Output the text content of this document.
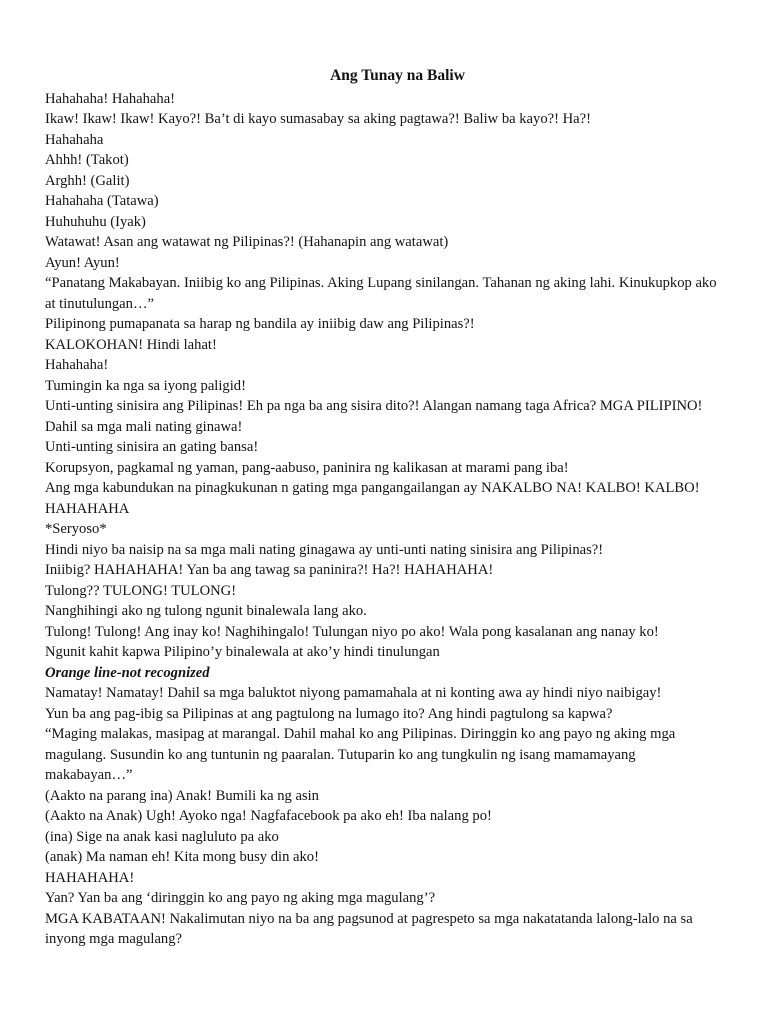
Ang Tunay na Baliw

Hahahaha! Hahahaha!

Ikaw! Ikaw! Ikaw! Kayo?! Ba’t di kayo sumasabay sa aking pagtawa?! Baliw ba kayo?! Ha?!

Hahahaha

Ahhh! (Takot)

Arghh! (Galit)

Hahahaha (Tatawa)

Huhuhuhu (Iyak)

Watawat! Asan ang watawat ng Pilipinas?! (Hahanapin ang watawat)

Ayun! Ayun!

“Panatang Makabayan. Iniibig ko ang Pilipinas. Aking Lupang sinilangan. Tahanan ng aking lahi. Kinukupkop ako at tinutulungan…”

Pilipinong pumapanata sa harap ng bandila ay iniibig daw ang Pilipinas?!

KALOKOHAN! Hindi lahat!

Hahahaha!

Tumingin ka nga sa iyong paligid!

Unti-unting sinisira ang Pilipinas! Eh pa nga ba ang sisira dito?! Alangan namang taga Africa? MGA PILIPINO!

Dahil sa mga mali nating ginawa!

Unti-unting sinisira an gating bansa!

Korupsyon, pagkamal ng yaman, pang-aabuso, paninira ng kalikasan at marami pang iba!

Ang mga kabundukan na pinagkukunan n gating mga pangangailangan ay NAKALBO NA! KALBO! KALBO! HAHAHAHA

*Seryoso*

Hindi niyo ba naisip na sa mga mali nating ginagawa ay unti-unti nating sinisira ang Pilipinas?!

Iniibig? HAHAHAHA! Yan ba ang tawag sa paninira?! Ha?! HAHAHAHA!

Tulong?? TULONG! TULONG!

Nanghihingi ako ng tulong ngunit binalewala lang ako.

Tulong! Tulong! Ang inay ko! Naghihingalo! Tulungan niyo po ako! Wala pong kasalanan ang nanay ko!

Ngunit kahit kapwa Pilipino’y binalewala at ako’y hindi tinulungan

Orange line-not recognized

Namatay! Namatay! Dahil sa mga baluktot niyong pamamahala at ni konting awa ay hindi niyo naibigay!

Yun ba ang pag-ibig sa Pilipinas at ang pagtulong na lumago ito? Ang hindi pagtulong sa kapwa?

“Maging malakas, masipag at marangal. Dahil mahal ko ang Pilipinas. Diringgin ko ang payo ng aking mga magulang. Susundin ko ang tuntunin ng paaralan. Tutuparin ko ang tungkulin ng isang mamamayang makabayan…”

(Aakto na parang ina) Anak! Bumili ka ng asin

(Aakto na Anak) Ugh! Ayoko nga! Nagfafacebook pa ako eh! Iba nalang po!

(ina) Sige na anak kasi nagluluto pa ako

(anak) Ma naman eh! Kita mong busy din ako!

HAHAHAHA!

Yan? Yan ba ang ‘diringgin ko ang payo ng aking mga magulang’?

MGA KABATAAN! Nakalimutan niyo na ba ang pagsunod at pagrespeto sa mga nakatatanda lalong-lalo na sa inyong mga magulang?
